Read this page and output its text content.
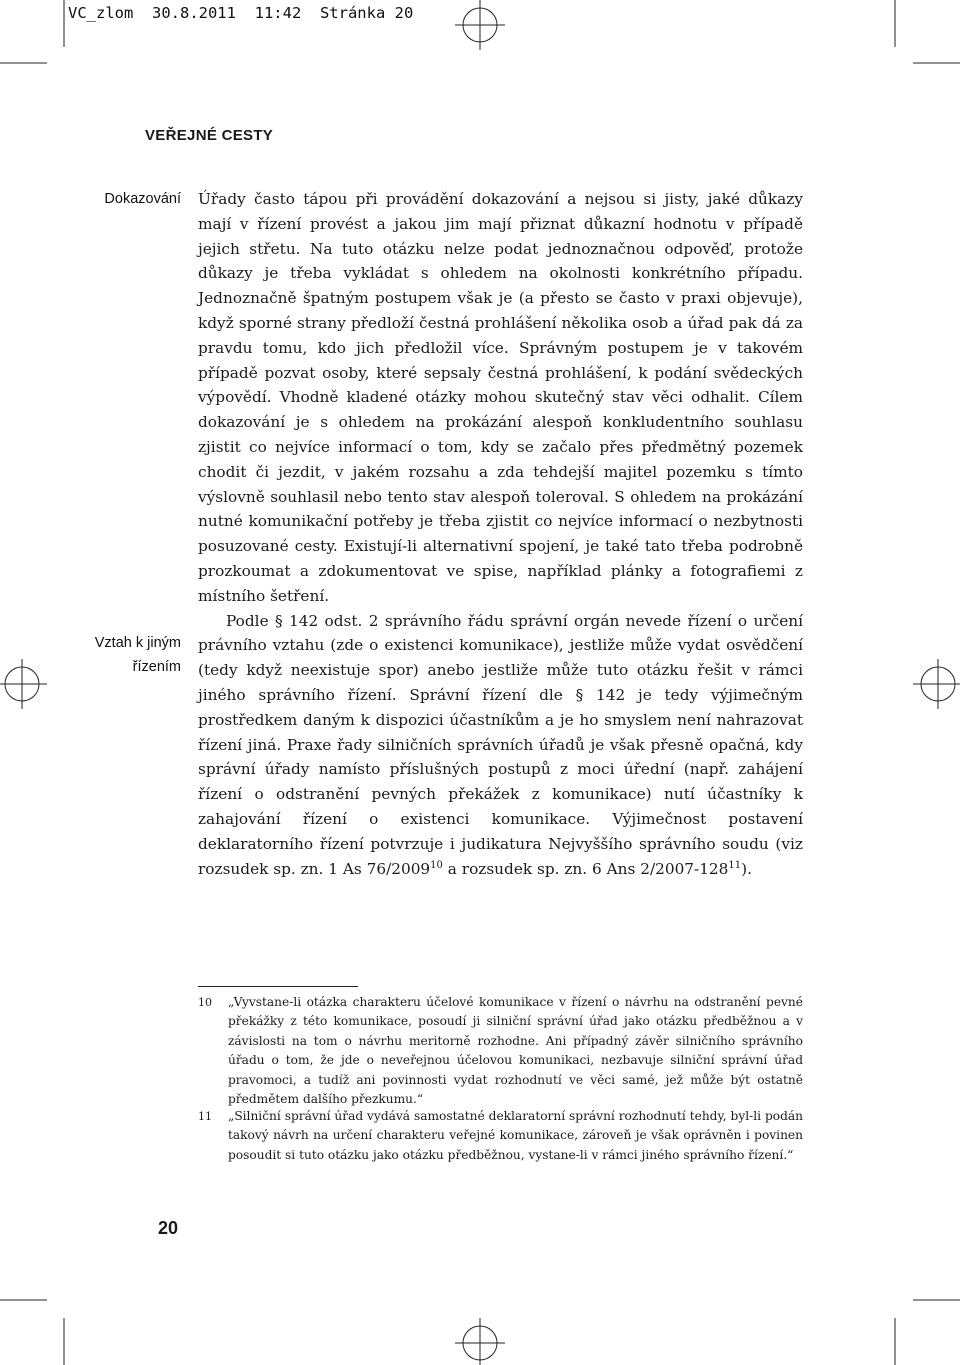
VC_zlom  30.8.2011  11:42  Stránka 20
VEŘEJNÉ CESTY
Dokazování
Vztah k jiným
řízením

Úřady často tápou při provádění dokazování a nejsou si jisty, jaké důkazy mají v řízení provést a jakou jim mají přiznat důkazní hodnotu v případě jejich střetu. Na tuto otázku nelze podat jednoznačnou odpověď, protože důkazy je třeba vykládat s ohledem na okolnosti konkrétního případu. Jednoznačně špatným postupem však je (a přesto se často v praxi objevuje), když sporné strany předloží čestná prohlášení několika osob a úřad pak dá za pravdu tomu, kdo jich předložil více. Správným postupem je v takovém případě pozvat osoby, které sepsaly čestná prohlášení, k podání svědeckých výpovědí. Vhodně kladené otázky mohou skutečný stav věci odhalit. Cílem dokazování je s ohledem na prokázání alespoň konkludentního souhlasu zjistit co nejvíce informací o tom, kdy se začalo přes předmětný pozemek chodit či jezdit, v jakém rozsahu a zda tehdejší majitel pozemku s tímto výslovně souhlasil nebo tento stav alespoň toleroval. S ohledem na prokázání nutné komunikační potřeby je třeba zjistit co nejvíce informací o nezbytnosti posuzované cesty. Existují-li alternativní spojení, je také tato třeba podrobně prozkoumat a zdokumentovat ve spise, například plánky a fotografiemi z místního šetření.

Podle § 142 odst. 2 správního řádu správní orgán nevede řízení o určení právního vztahu (zde o existenci komunikace), jestliže může vydat osvědčení (tedy když neexistuje spor) anebo jestliže může tuto otázku řešit v rámci jiného správního řízení. Správní řízení dle § 142 je tedy výjimečným prostředkem daným k dispozici účastníkům a je ho smyslem není nahrazovat řízení jiná. Praxe řady silničních správních úřadů je však přesně opačná, kdy správní úřady namísto příslušných postupů z moci úřední (např. zahájení řízení o odstranění pevných překážek z komunikace) nutí účastníky k zahajování řízení o existenci komunikace. Výjimečnost postavení deklaratorního řízení potvrzuje i judikatura Nejvyššího správního soudu (viz rozsudek sp. zn. 1 As 76/2009$^{10}$ a rozsudek sp. zn. 6 Ans $2/2007-128^{11}$).

10 „Vyvstane-li otázka charakteru účelové komunikace v řízení o návrhu na odstranění pevné překážky z této komunikace, posoudí ji silniční správní úřad jako otázku předběžnou a v závislosti na tom o návrhu meritorně rozhodne. Ani případný závěr silničního správního úřadu o tom, že jde o neveřejnou účelovou komunikaci, nezbavuje silniční správní úřad pravomoci, a tudíž ani povinnosti vydat rozhodnutí ve věci samé, jež může být ostatně předmětem dalšího přezkumu.“
11 „Silniční správní úřad vydává samostatné deklaratorní správní rozhodnutí tehdy, byl-li podán takový návrh na určení charakteru veřejné komunikace, zároveň je však oprávněn i povinen posoudit si tuto otázku jako otázku předběžnou, vystane-li v rámci jiného správního řízení.“
20
